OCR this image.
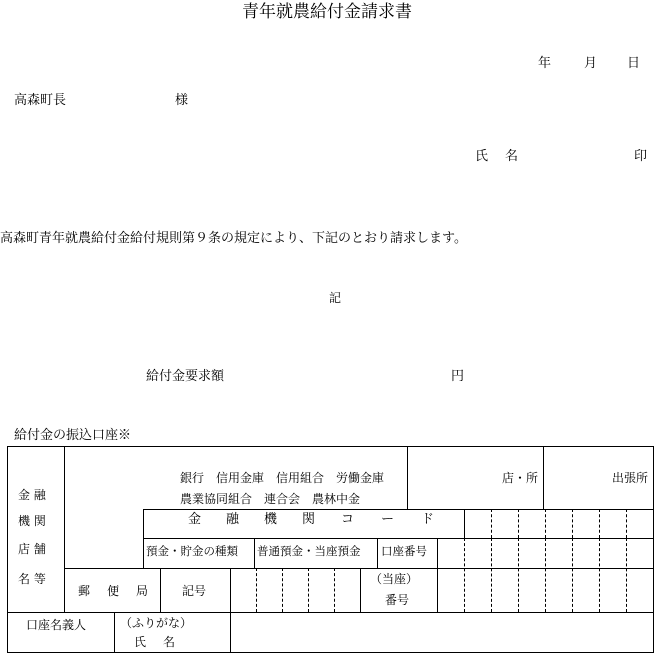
青年就農給付金請求書
年	月 日
高森町長	様
氏 名	印
高森町青年就農給付金給付規則第９条の規定により、下記のとおり請求します。
記
給付金要求額	円
給付金の振込口座※
金 融
機 関
店 舗
名 等
銀行　信用金庫　信用組合　労働金庫
農業協同組合　連合会　農林中金
店・所	出張所
金 融 機 関 コ ー ド
預金・貯金の種類 普通預金・当座預金 口座番号
郵 便 局	記号
（当座）
番号
口座名義人	（ふりがな）
氏 名
